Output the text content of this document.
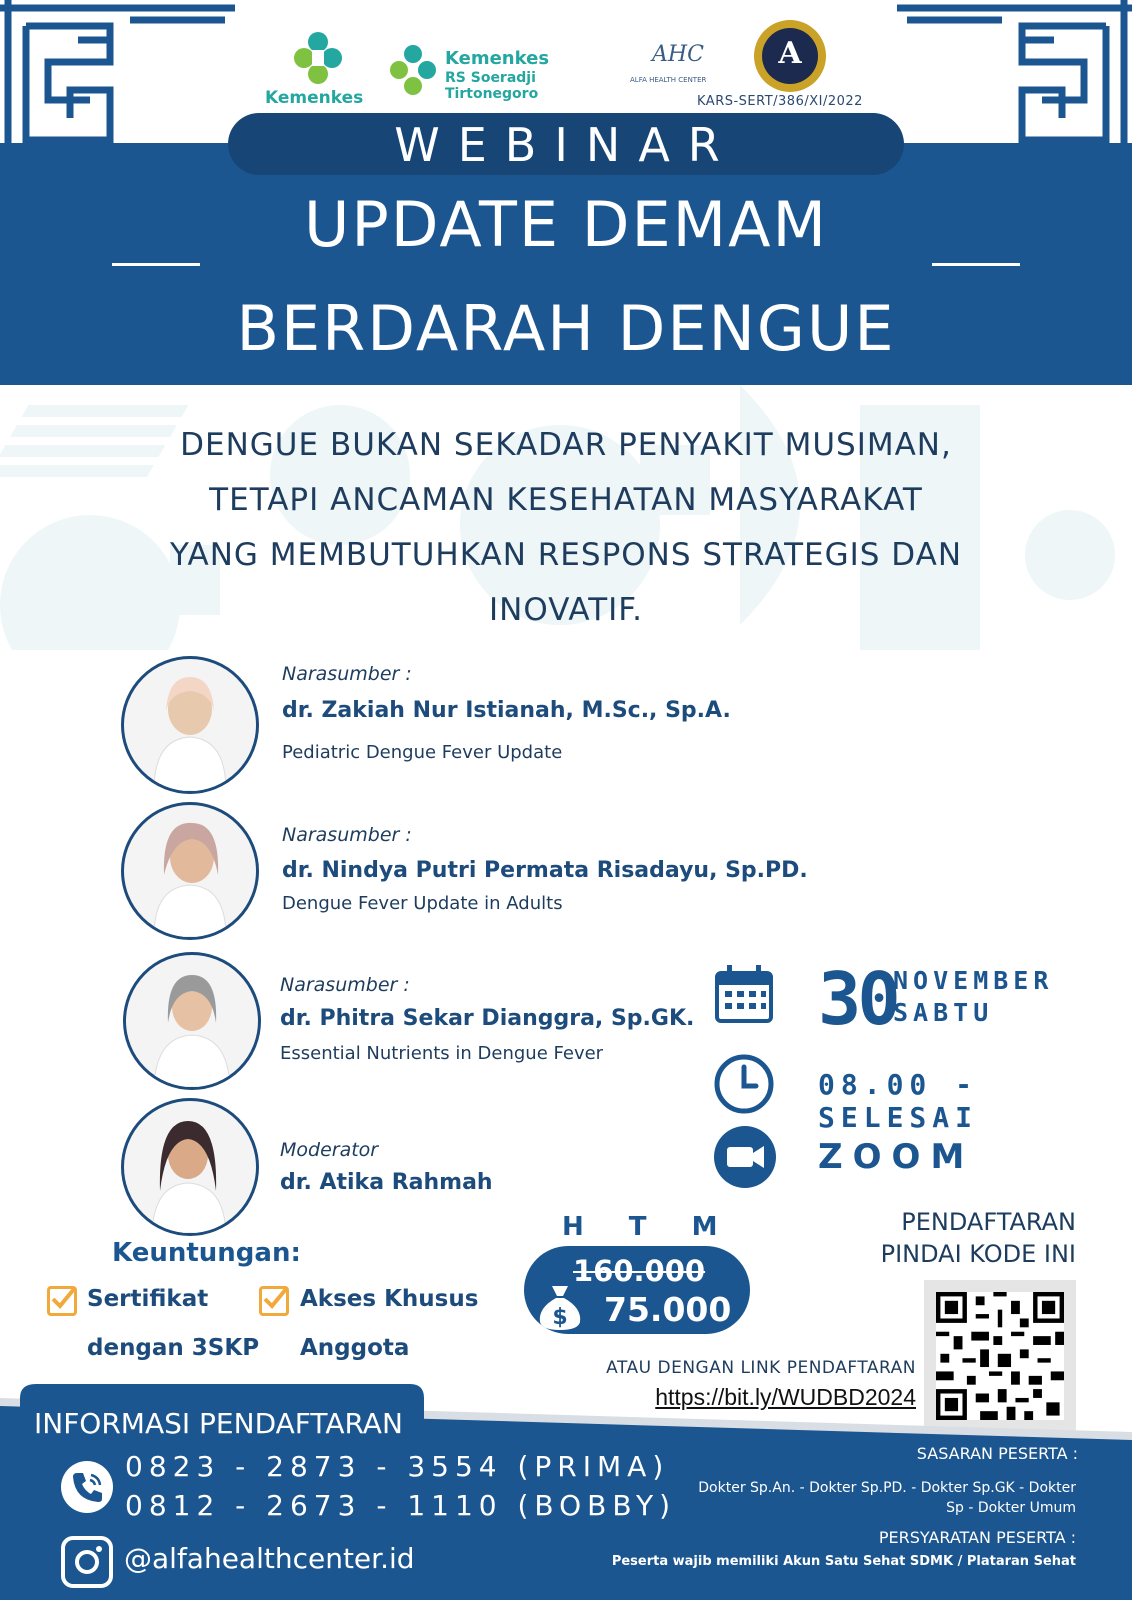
Kemenkes
Kemenkes
RS Soeradji Tirtonegoro
AHC
ALFA HEALTH CENTER
A
KARS-SERT/386/XI/2022
WEBINAR
UPDATE DEMAM
BERDARAH DENGUE
DENGUE BUKAN SEKADAR PENYAKIT MUSIMAN,
TETAPI ANCAMAN KESEHATAN MASYARAKAT
YANG MEMBUTUHKAN RESPONS STRATEGIS DAN
INOVATIF.
Narasumber :
dr. Zakiah Nur Istianah, M.Sc., Sp.A.
Pediatric Dengue Fever Update
Narasumber :
dr. Nindya Putri Permata Risadayu, Sp.PD.
Dengue Fever Update in Adults
Narasumber :
dr. Phitra Sekar Dianggra, Sp.GK.
Essential Nutrients in Dengue Fever
Moderator
dr. Atika Rahmah
30
NOVEMBER
SABTU
08.00 - SELESAI
ZOOM
Keuntungan:
Sertifikat
dengan 3SKP
Akses Khusus
Anggota
H T M
$
160.000
75.000
PENDAFTARAN
PINDAI KODE INI
ATAU DENGAN LINK PENDAFTARAN
https://bit.ly/WUDBD2024
INFORMASI PENDAFTARAN
0823 - 2873 - 3554 (PRIMA)
0812 - 2673 - 1110 (BOBBY)
@alfahealthcenter.id
SASARAN PESERTA :
Dokter Sp.An. - Dokter Sp.PD. - Dokter Sp.GK - Dokter
Sp - Dokter Umum
PERSYARATAN PESERTA :
Peserta wajib memiliki Akun Satu Sehat SDMK / Plataran Sehat
